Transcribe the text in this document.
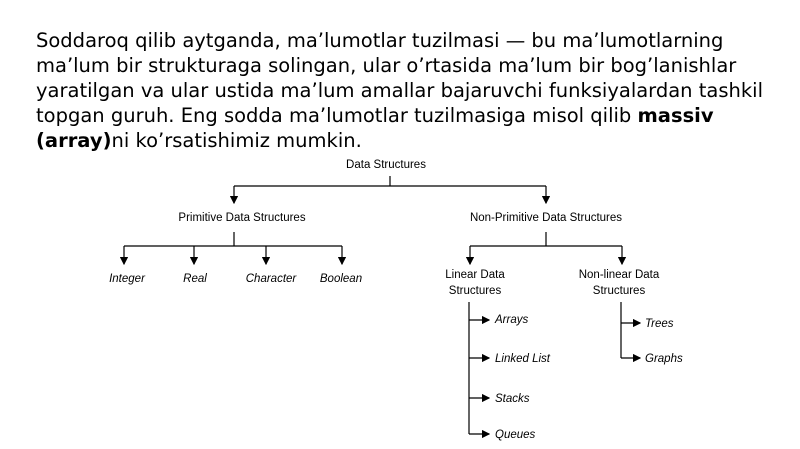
Soddaroq qilib aytganda, ma’lumotlar tuzilmasi — bu ma’lumotlarning ma’lum bir strukturaga solingan, ular o’rtasida ma’lum bir bog’lanishlar yaratilgan va ular ustida ma’lum amallar bajaruvchi funksiyalardan tashkil topgan guruh. Eng sodda ma’lumotlar tuzilmasiga misol qilib massiv (array)ni ko’rsatishimiz mumkin.

Data Structures
Primitive Data Structures	Non-Primitive Data Structures
Integer	Real	Character Boolean	Linear Data
Structures
Non-linear Data
Structures
Arrays
Linked List
Stacks
Queues
Trees
Graphs
